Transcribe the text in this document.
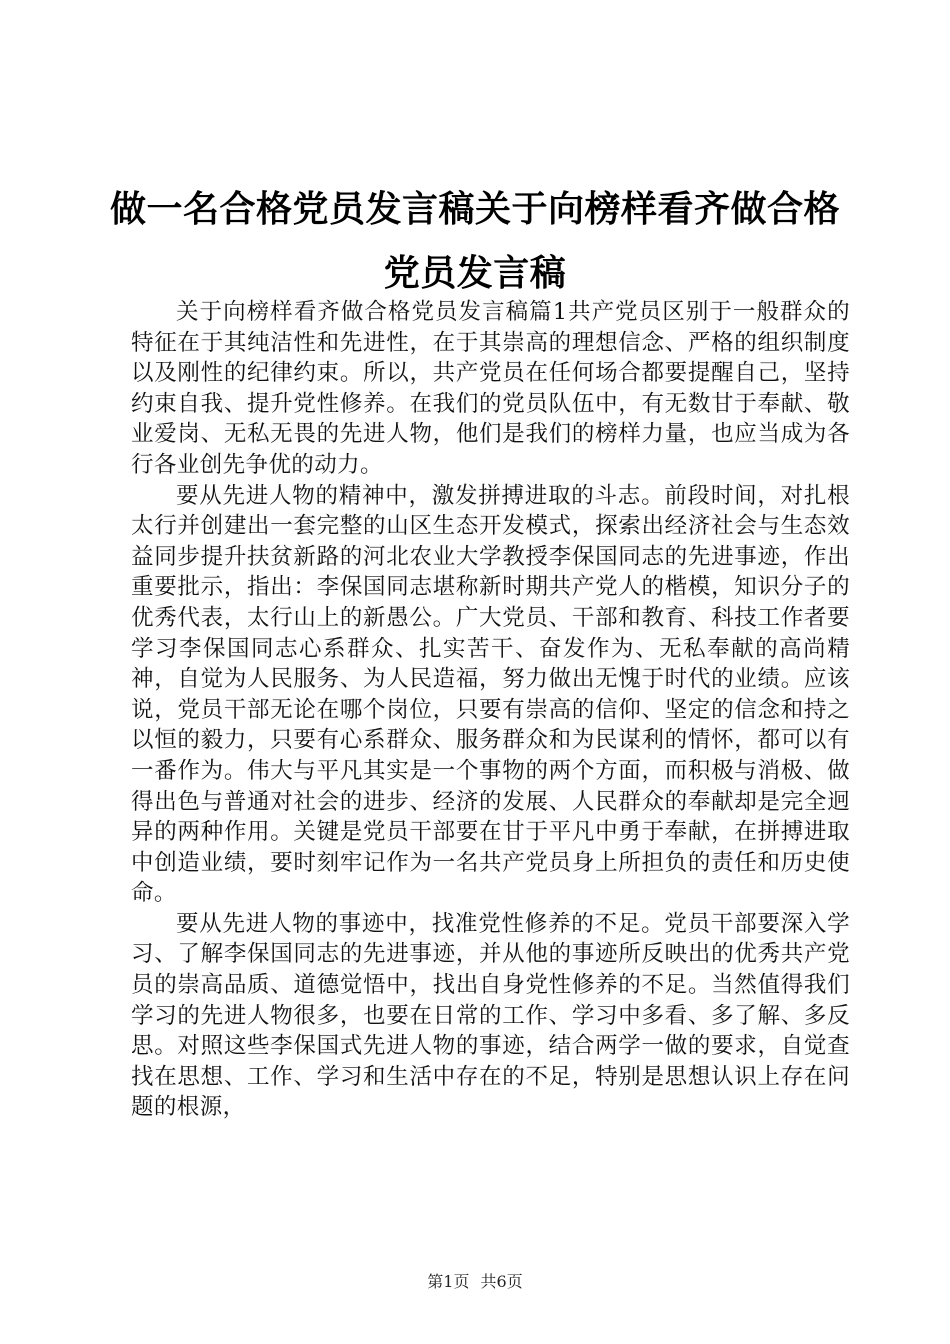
做一名合格党员发言稿关于向榜样看齐做合格党员发言稿

关于向榜样看齐做合格党员发言稿篇1共产党员区别于一般群众的特征在于其纯洁性和先进性，在于其崇高的理想信念、严格的组织制度以及刚性的纪律约束。所以，共产党员在任何场合都要提醒自己，坚持约束自我、提升党性修养。在我们的党员队伍中，有无数甘于奉献、敬业爱岗、无私无畏的先进人物，他们是我们的榜样力量，也应当成为各行各业创先争优的动力。

要从先进人物的精神中，激发拼搏进取的斗志。前段时间，对扎根太行并创建出一套完整的山区生态开发模式，探索出经济社会与生态效益同步提升扶贫新路的河北农业大学教授李保国同志的先进事迹，作出重要批示，指出：李保国同志堪称新时期共产党人的楷模，知识分子的优秀代表，太行山上的新愚公。广大党员、干部和教育、科技工作者要学习李保国同志心系群众、扎实苦干、奋发作为、无私奉献的高尚精神，自觉为人民服务、为人民造福，努力做出无愧于时代的业绩。应该说，党员干部无论在哪个岗位，只要有崇高的信仰、坚定的信念和持之以恒的毅力，只要有心系群众、服务群众和为民谋利的情怀，都可以有一番作为。伟大与平凡其实是一个事物的两个方面，而积极与消极、做得出色与普通对社会的进步、经济的发展、人民群众的奉献却是完全迥异的两种作用。关键是党员干部要在甘于平凡中勇于奉献，在拼搏进取中创造业绩，要时刻牢记作为一名共产党员身上所担负的责任和历史使命。

要从先进人物的事迹中，找准党性修养的不足。党员干部要深入学习、了解李保国同志的先进事迹，并从他的事迹所反映出的优秀共产党员的崇高品质、道德觉悟中，找出自身党性修养的不足。当然值得我们学习的先进人物很多，也要在日常的工作、学习中多看、多了解、多反思。对照这些李保国式先进人物的事迹，结合两学一做的要求，自觉查找在思想、工作、学习和生活中存在的不足，特别是思想认识上存在问题的根源，

第1页 共6页
